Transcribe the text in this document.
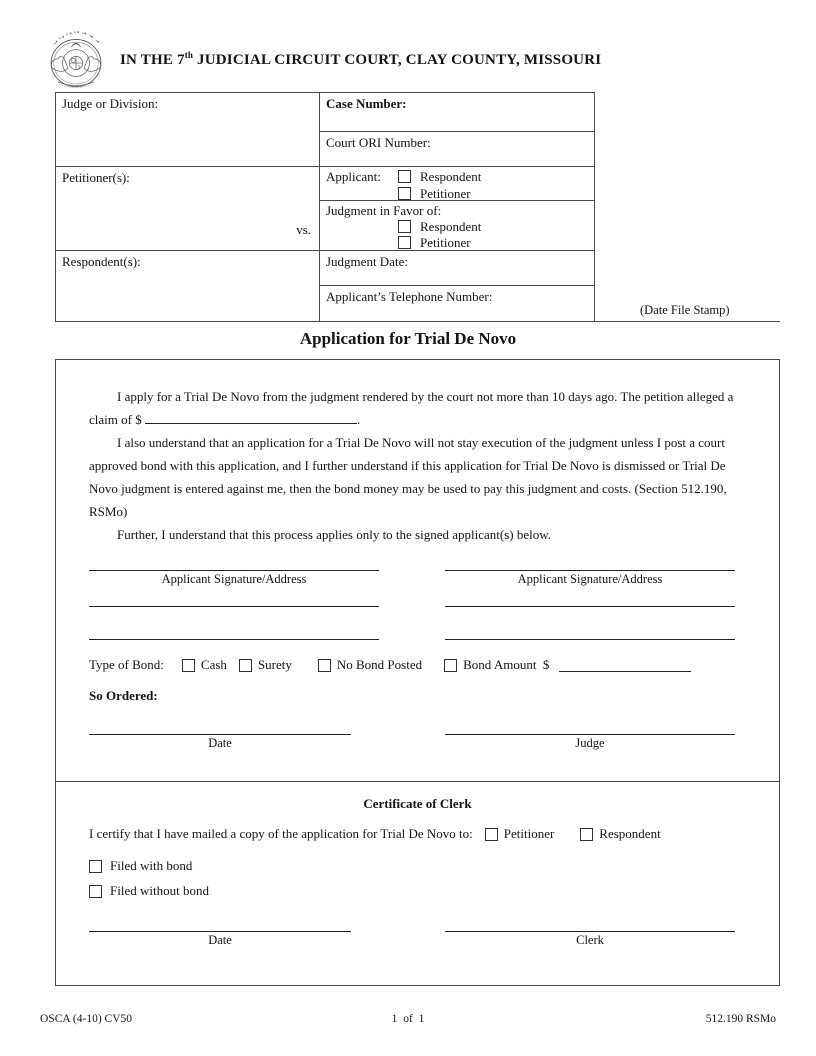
IN THE 7th JUDICIAL CIRCUIT COURT, CLAY COUNTY, MISSOURI
Judge or Division:
Petitioner(s):
vs.
Respondent(s):
Case Number:
Court ORI Number:
Applicant:	Respondent
Petitioner
Judgment in Favor of:
Respondent
Petitioner
Judgment Date:
Applicant’s Telephone Number:
(Date File Stamp)
Application for Trial De Novo

I apply for a Trial De Novo from the judgment rendered by the court not more than 10 days ago. The petition alleged a claim of $	.

I also understand that an application for a Trial De Novo will not stay execution of the judgment unless I post a court approved bond with this application, and I further understand if this application for Trial De Novo is dismissed or Trial De Novo judgment is entered against me, then the bond money may be used to pay this judgment and costs. (Section 512.190, RSMo)

Further, I understand that this process applies only to the signed applicant(s) below.

Applicant Signature/Address	Applicant Signature/Address
Type of Bond:	Cash Surety	No Bond Posted	Bond Amount  $
So Ordered:
Date	Judge
Certificate of Clerk
I certify that I have mailed a copy of the application for Trial De Novo to: Petitioner	Respondent
Filed with bond
Filed without bond
Date	Clerk
OSCA (4-10) CV50	1 of 1	512.190 RSMo
